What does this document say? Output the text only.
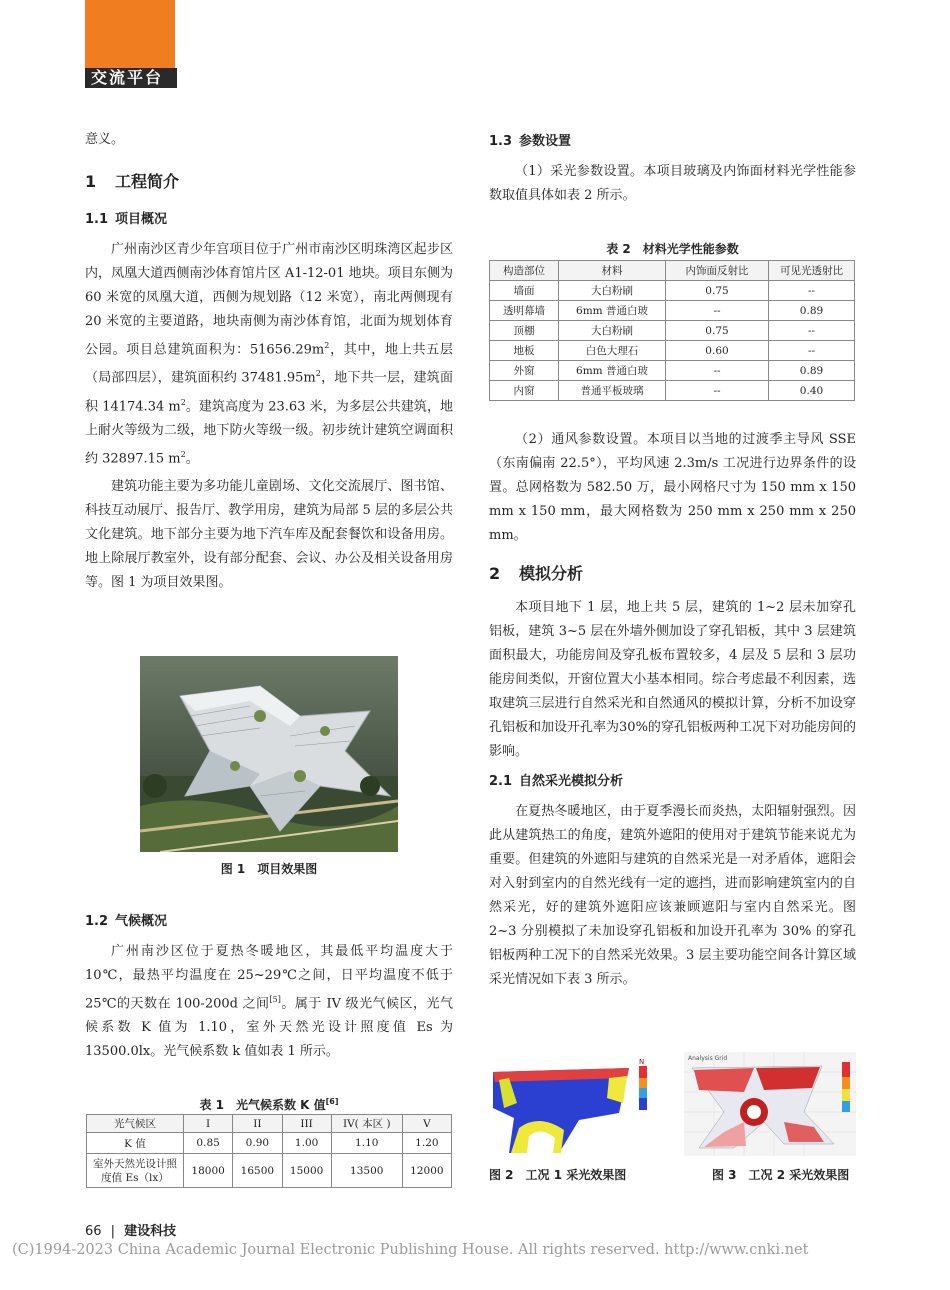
交流平台

意义。

1 工程简介
1.1 项目概况

广州南沙区青少年宫项目位于广州市南沙区明珠湾区起步区内，凤凰大道西侧南沙体育馆片区 A1-12-01 地块。项目东侧为 60 米宽的凤凰大道，西侧为规划路（12 米宽），南北两侧现有 20 米宽的主要道路，地块南侧为南沙体育馆，北面为规划体育公园。项目总建筑面积为：$51656.29m^2$，其中，地上共五层（局部四层），建筑面积约 $37481.95m^2$，地下共一层，建筑面积 14174.34 $m^2$。建筑高度为 23.63 米，为多层公共建筑，地上耐火等级为二级，地下防火等级一级。初步统计建筑空调面积约 32897.15 $m^2$。

建筑功能主要为多功能儿童剧场、文化交流展厅、图书馆、科技互动展厅、报告厅、教学用房，建筑为局部 5 层的多层公共文化建筑。地下部分主要为地下汽车库及配套餐饮和设备用房。地上除展厅教室外，设有部分配套、会议、办公及相关设备用房等。图 1 为项目效果图。

图 1　项目效果图
1.2 气候概况

广州南沙区位于夏热冬暖地区，其最低平均温度大于 10℃，最热平均温度在 25~29℃之间，日平均温度不低于 25℃的天数在 100-200d 之间[5]。属于 IV 级光气候区，光气候系数 K 值为 1.10，室外天然光设计照度值 Es 为 13500.0lx。光气候系数 k 值如表 1 所示。

表 1　光气候系数 K 值[6]
光气候区	I	II	III	IV( 本区 )	V
K 值	0.85	0.90	1.00	1.10	1.20
室外天然光设计照度值 Es（lx）	18000	16500	15000	13500	12000
1.3 参数设置

（1）采光参数设置。本项目玻璃及内饰面材料光学性能参数取值具体如表 2 所示。

表 2　材料光学性能参数
构造部位	材料	内饰面反射比	可见光透射比
墙面	大白粉刷	0.75	--
透明幕墙	6mm 普通白玻	--	0.89
顶棚	大白粉刷	0.75	--
地板	白色大理石	0.60	--
外窗	6mm 普通白玻	--	0.89
内窗	普通平板玻璃	--	0.40

（2）通风参数设置。本项目以当地的过渡季主导风 SSE（东南偏南 22.5°），平均风速 2.3m/s 工况进行边界条件的设置。总网格数为 582.50 万，最小网格尺寸为 150 mm x 150 mm x 150 mm，最大网格数为 250 mm x 250 mm x 250 mm。

2 模拟分析

本项目地下 1 层，地上共 5 层，建筑的 1~2 层未加穿孔铝板，建筑 3~5 层在外墙外侧加设了穿孔铝板，其中 3 层建筑面积最大，功能房间及穿孔板布置较多，4 层及 5 层和 3 层功能房间类似，开窗位置大小基本相同。综合考虑最不利因素，选取建筑三层进行自然采光和自然通风的模拟计算，分析不加设穿孔铝板和加设开孔率为30%的穿孔铝板两种工况下对功能房间的影响。

2.1 自然采光模拟分析

在夏热冬暖地区，由于夏季漫长而炎热，太阳辐射强烈。因此从建筑热工的角度，建筑外遮阳的使用对于建筑节能来说尤为重要。但建筑的外遮阳与建筑的自然采光是一对矛盾体，遮阳会对入射到室内的自然光线有一定的遮挡，进而影响建筑室内的自然采光，好的建筑外遮阳应该兼顾遮阳与室内自然采光。图 2~3 分别模拟了未加设穿孔铝板和加设开孔率为 30% 的穿孔铝板两种工况下的自然采光效果。3 层主要功能空间各计算区域采光情况如下表 3 所示。

N	Analysis Grid
图 2　工况 1 采光效果图	图 3　工况 2 采光效果图
66 | 建设科技
(C)1994-2023 China Academic Journal Electronic Publishing House. All rights reserved. http://www.cnki.net
